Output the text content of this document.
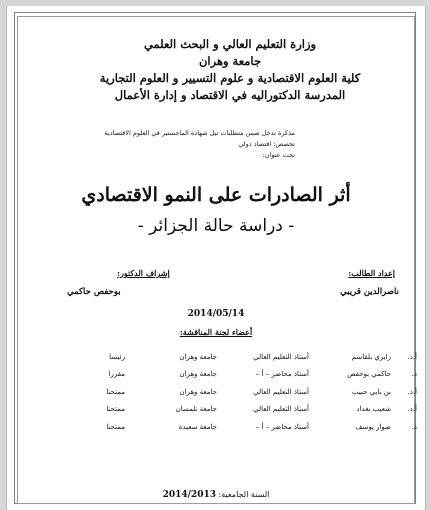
وزارة التعليم العالي و البحث العلمي
جامعة وهران
كلية العلوم الاقتصادية و علوم التسيير و العلوم التجارية
المدرسة الدكتوراليه في الاقتصاد و إدارة الأعمال
مذكرة تدخل ضمن متطلبات نيل شهادة الماجستير في العلوم الاقتصادية
تخصص: اقتصاد دولي
تحت عنوان:
أثر الصادرات على النمو الاقتصادي
- دراسة حالة الجزائر -
إعداد الطالب:
ناصرالدين قريبي
إشراف الدكتور:
بوحفص حاكمي
2014/05/14
أعضاء لجنة المناقشة:
أ.د.	زايري بلقاسم	أستاذ التعليم العالي	جامعة وهران	رئيسا
د.	حاكمي بوحفص	أستاذ محاضر – أ –	جامعة وهران	مقررا
أ.د.	بن بايي حبيب	أستاذ التعليم العالي	جامعة وهران	ممتحنا
أ.د.	شعيب بغداد	أستاذ التعليم العالي	جامعة تلمسان	ممتحنا
د.	صوار يوسف	أستاذ محاضر – أ –	جامعة سعيدة	ممتحنا
السنة الجامعية: 2014/2013
